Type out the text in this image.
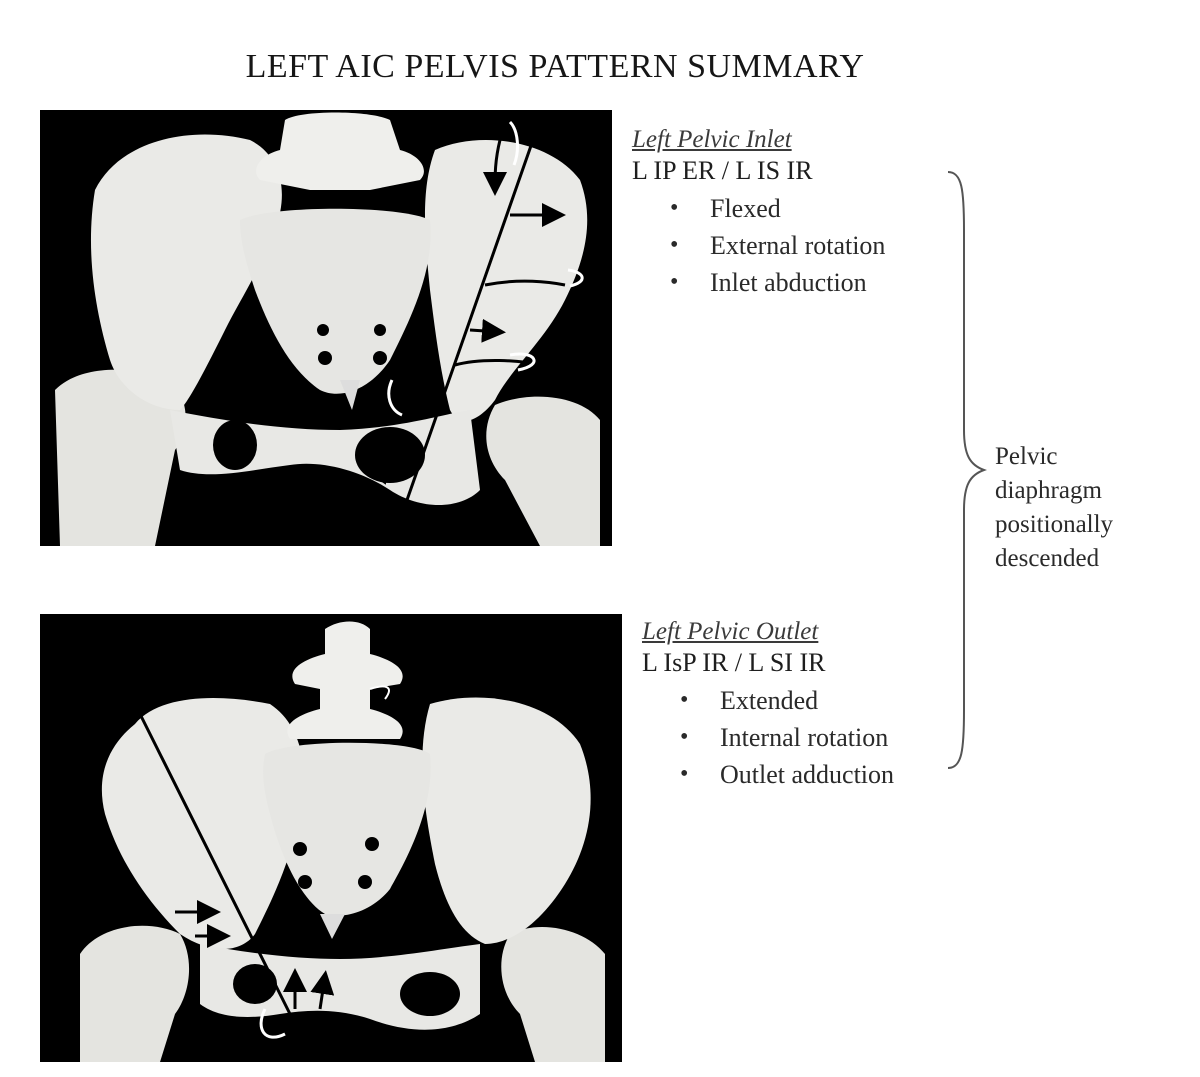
LEFT AIC PELVIS PATTERN SUMMARY
Left Pelvic Inlet
L IP ER / L IS IR
• Flexed
• External rotation
• Inlet abduction
Left Pelvic Outlet
L IsP IR / L SI IR
• Extended
• Internal rotation
• Outlet adduction
Pelvic
diaphragm
positionally
descended
